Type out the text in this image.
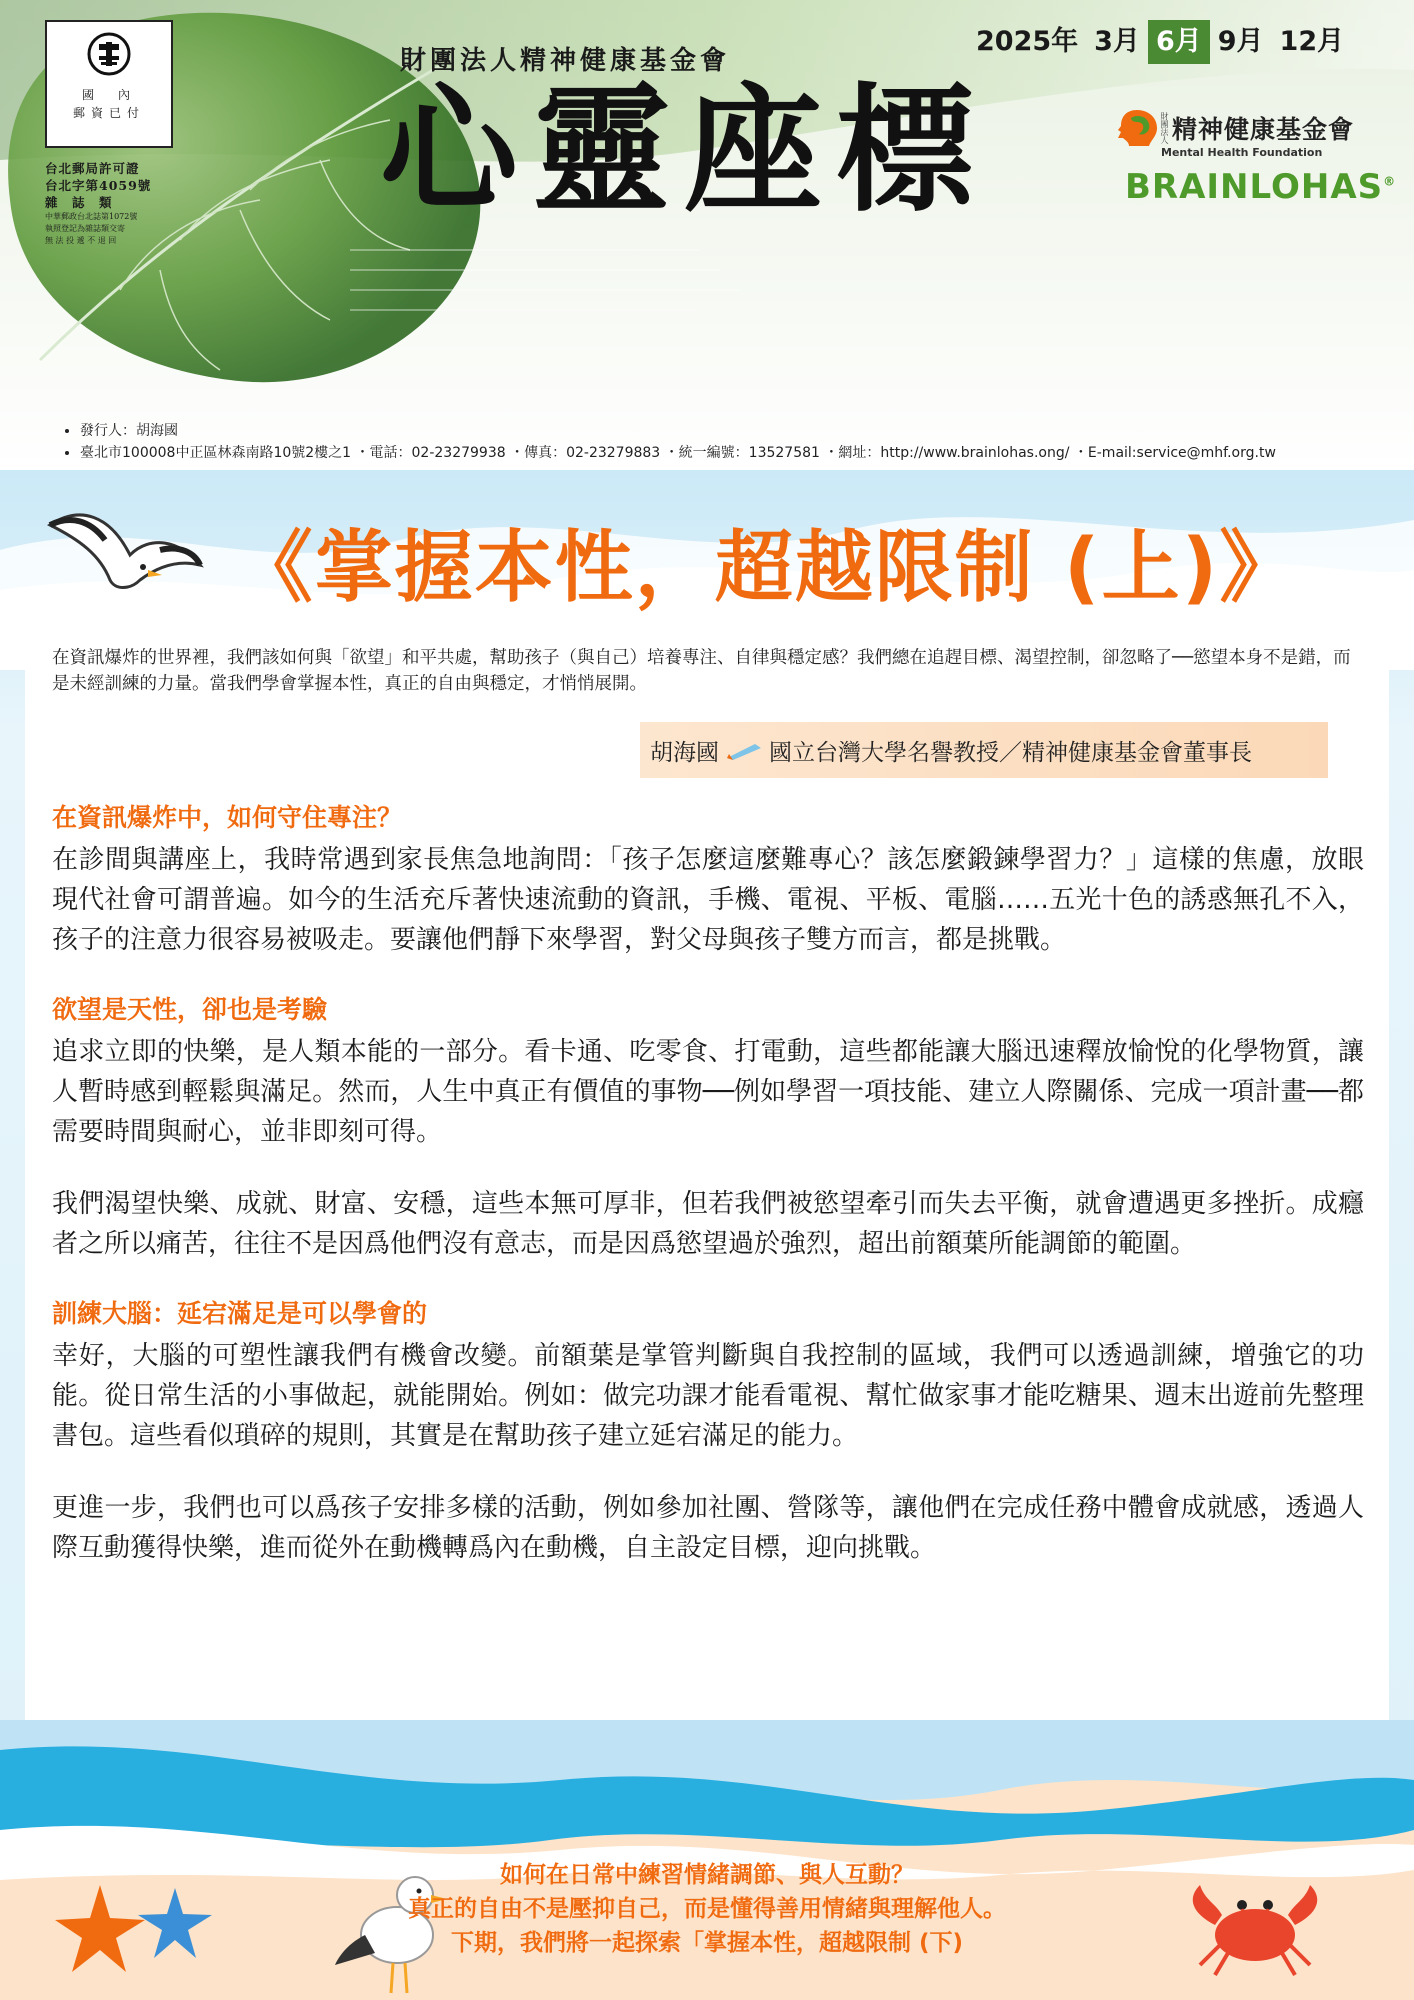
國　內
郵資已付
台北郵局許可證
台北字第4059號
雜　誌　類
中華郵政台北誌第1072號
執照登記為雜誌類交寄
無 法 投 遞 不 退 回
財團法人精神健康基金會
心靈座標
2025年 3月 6月 9月 12月
財團法人 精神健康基金會
Mental Health Foundation
BRAINLOHAS®
• 發行人：胡海國
• 臺北市100008中正區林森南路10號2樓之1 ・電話：02-23279938 ・傳真：02-23279883 ・統一編號：13527581 ・網址：http://www.brainlohas.ong/ ・E-mail:service@mhf.org.tw
《掌握本性，超越限制 (上)》
在資訊爆炸的世界裡，我們該如何與「欲望」和平共處，幫助孩子（與自己）培養專注、自律與穩定感？我們總在追趕目標、渴望控制，卻忽略了──慾望本身不是錯，而是未經訓練的力量。當我們學會掌握本性，真正的自由與穩定，才悄悄展開。
胡海國 國立台灣大學名譽教授／精神健康基金會董事長
在資訊爆炸中，如何守住專注？

在診間與講座上，我時常遇到家長焦急地詢問：「孩子怎麼這麼難專心？該怎麼鍛鍊學習力？」這樣的焦慮，放眼現代社會可謂普遍。如今的生活充斥著快速流動的資訊，手機、電視、平板、電腦……五光十色的誘惑無孔不入，孩子的注意力很容易被吸走。要讓他們靜下來學習，對父母與孩子雙方而言，都是挑戰。

欲望是天性，卻也是考驗

追求立即的快樂，是人類本能的一部分。看卡通、吃零食、打電動，這些都能讓大腦迅速釋放愉悅的化學物質，讓人暫時感到輕鬆與滿足。然而，人生中真正有價值的事物──例如學習一項技能、建立人際關係、完成一項計畫──都需要時間與耐心，並非即刻可得。

我們渴望快樂、成就、財富、安穩，這些本無可厚非，但若我們被慾望牽引而失去平衡，就會遭遇更多挫折。成癮者之所以痛苦，往往不是因爲他們沒有意志，而是因爲慾望過於強烈，超出前額葉所能調節的範圍。

訓練大腦：延宕滿足是可以學會的

幸好，大腦的可塑性讓我們有機會改變。前額葉是掌管判斷與自我控制的區域，我們可以透過訓練，增強它的功能。從日常生活的小事做起，就能開始。例如：做完功課才能看電視、幫忙做家事才能吃糖果、週末出遊前先整理書包。這些看似瑣碎的規則，其實是在幫助孩子建立延宕滿足的能力。

更進一步，我們也可以爲孩子安排多樣的活動，例如參加社團、營隊等，讓他們在完成任務中體會成就感，透過人際互動獲得快樂，進而從外在動機轉爲內在動機，自主設定目標，迎向挑戰。

如何在日常中練習情緒調節、與人互動？
真正的自由不是壓抑自己，而是懂得善用情緒與理解他人。
下期，我們將一起探索「掌握本性，超越限制 (下)
